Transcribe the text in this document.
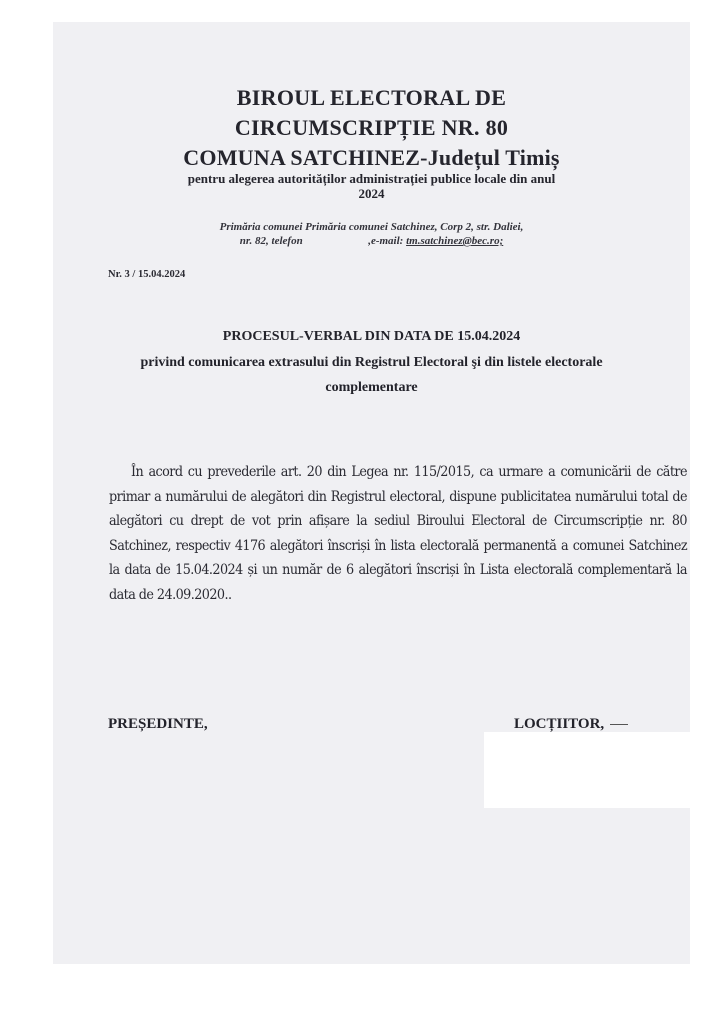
BIROUL ELECTORAL DE
CIRCUMSCRIPȚIE NR. 80
COMUNA SATCHINEZ-Județul Timiș
pentru alegerea autorităților administrației publice locale din anul
2024
Primăria comunei Primăria comunei Satchinez, Corp 2, str. Daliei,
nr. 82, telefon	,e-mail: tm.satchinez@bec.ro;
Nr. 3 / 15.04.2024
PROCESUL-VERBAL DIN DATA DE 15.04.2024
privind comunicarea extrasului din Registrul Electoral şi din listele electorale
complementare
În acord cu prevederile art. 20 din Legea nr. 115/2015, ca urmare a comunicării de către primar a numărului de alegători din Registrul electoral, dispune publicitatea numărului total de alegători cu drept de vot prin afișare la sediul Biroului Electoral de Circumscripție nr. 80 Satchinez, respectiv 4176 alegători înscriși în lista electorală permanentă a comunei Satchinez la data de 15.04.2024 și un număr de 6 alegători înscriși în Lista electorală complementară la data de 24.09.2020..
PREȘEDINTE,	LOCȚIITOR,
